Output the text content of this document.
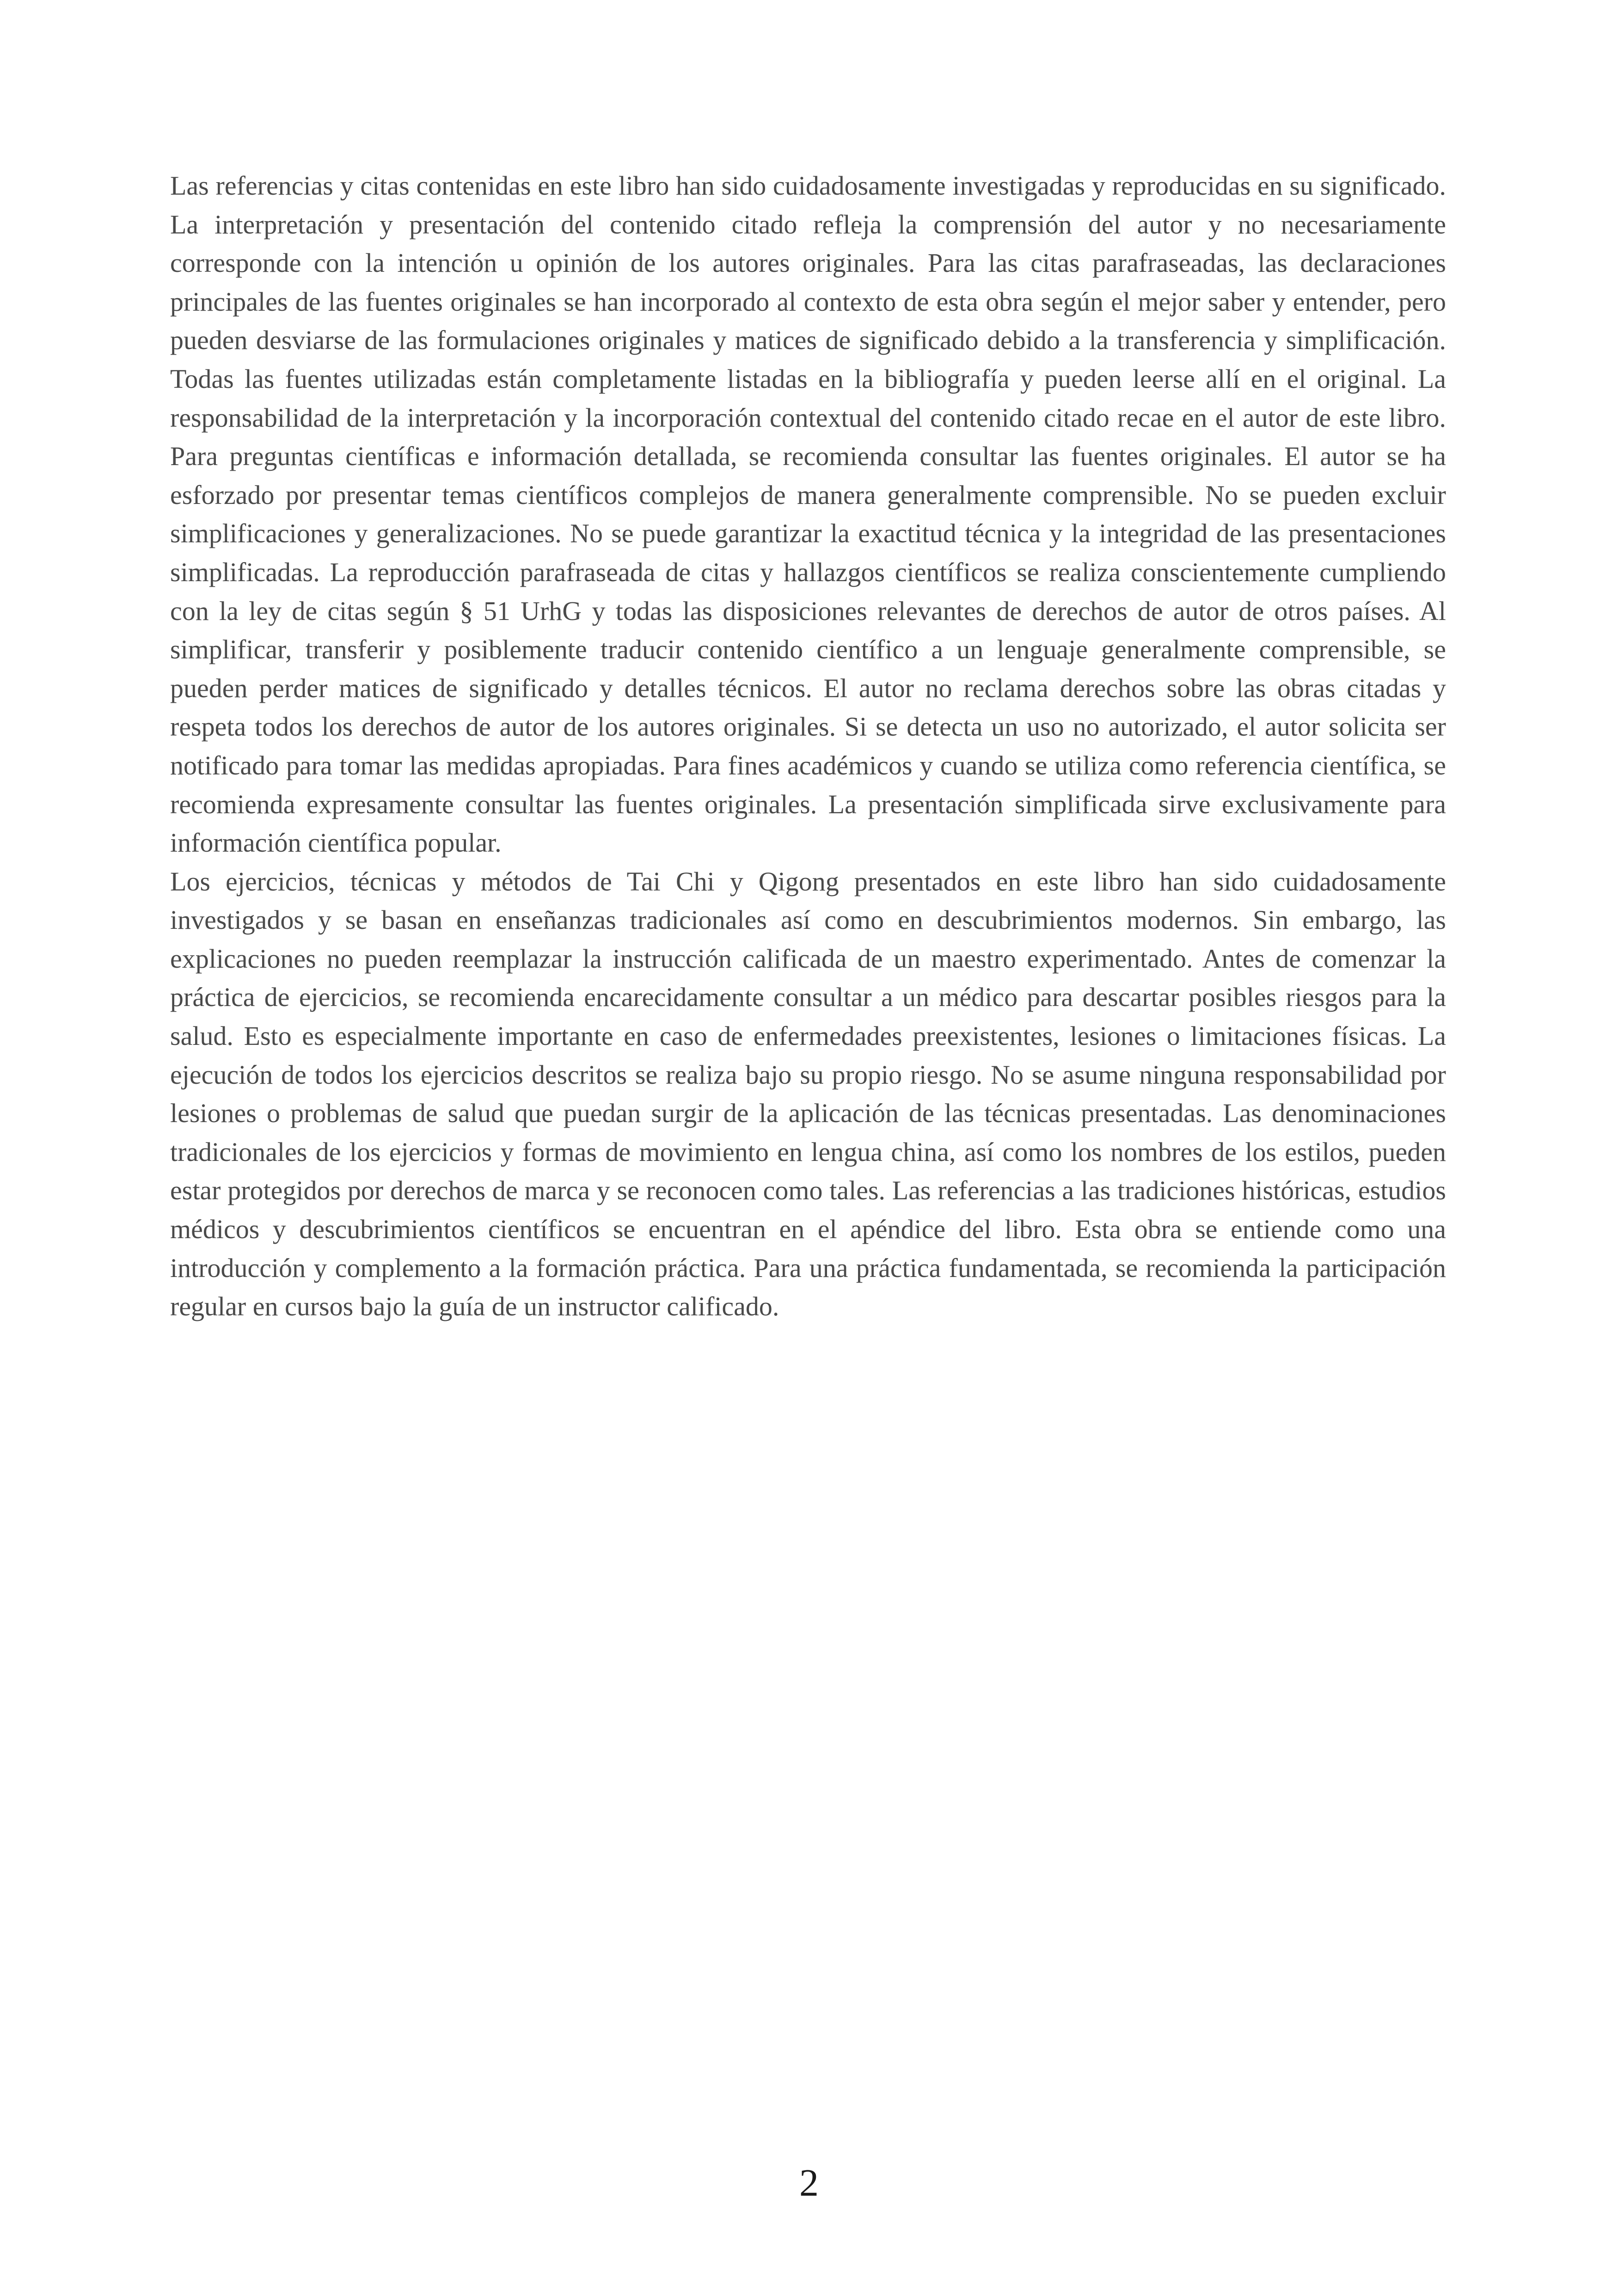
Las referencias y citas contenidas en este libro han sido cuidadosamente investigadas y reproducidas en su significado. La interpretación y presentación del contenido citado refleja la comprensión del autor y no necesariamente corresponde con la intención u opinión de los autores originales. Para las citas parafraseadas, las declaraciones principales de las fuentes originales se han incorporado al contexto de esta obra según el mejor saber y entender, pero pueden desviarse de las formulaciones originales y matices de significado debido a la transferencia y simplificación. Todas las fuentes utilizadas están completamente listadas en la bibliografía y pueden leerse allí en el original. La responsabilidad de la interpretación y la incorporación contextual del contenido citado recae en el autor de este libro. Para preguntas científicas e información detallada, se recomienda consultar las fuentes originales. El autor se ha esforzado por presentar temas científicos complejos de manera generalmente comprensible. No se pueden excluir simplificaciones y generalizaciones. No se puede garantizar la exactitud técnica y la integridad de las presentaciones simplificadas. La reproducción parafraseada de citas y hallazgos científicos se realiza conscientemente cumpliendo con la ley de citas según § 51 UrhG y todas las disposiciones relevantes de derechos de autor de otros países. Al simplificar, transferir y posiblemente traducir contenido científico a un lenguaje generalmente comprensible, se pueden perder matices de significado y detalles técnicos. El autor no reclama derechos sobre las obras citadas y respeta todos los derechos de autor de los autores originales. Si se detecta un uso no autorizado, el autor solicita ser notificado para tomar las medidas apropiadas. Para fines académicos y cuando se utiliza como referencia científica, se recomienda expresamente consultar las fuentes originales. La presentación simplificada sirve exclusivamente para información científica popular.

Los ejercicios, técnicas y métodos de Tai Chi y Qigong presentados en este libro han sido cuidadosamente investigados y se basan en enseñanzas tradicionales así como en descubrimientos modernos. Sin embargo, las explicaciones no pueden reemplazar la instrucción calificada de un maestro experimentado. Antes de comenzar la práctica de ejercicios, se recomienda encarecidamente consultar a un médico para descartar posibles riesgos para la salud. Esto es especialmente importante en caso de enfermedades preexistentes, lesiones o limitaciones físicas. La ejecución de todos los ejercicios descritos se realiza bajo su propio riesgo. No se asume ninguna responsabilidad por lesiones o problemas de salud que puedan surgir de la aplicación de las técnicas presentadas. Las denominaciones tradicionales de los ejercicios y formas de movimiento en lengua china, así como los nombres de los estilos, pueden estar protegidos por derechos de marca y se reconocen como tales. Las referencias a las tradiciones históricas, estudios médicos y descubrimientos científicos se encuentran en el apéndice del libro. Esta obra se entiende como una introducción y complemento a la formación práctica. Para una práctica fundamentada, se recomienda la participación regular en cursos bajo la guía de un instructor calificado.

2
